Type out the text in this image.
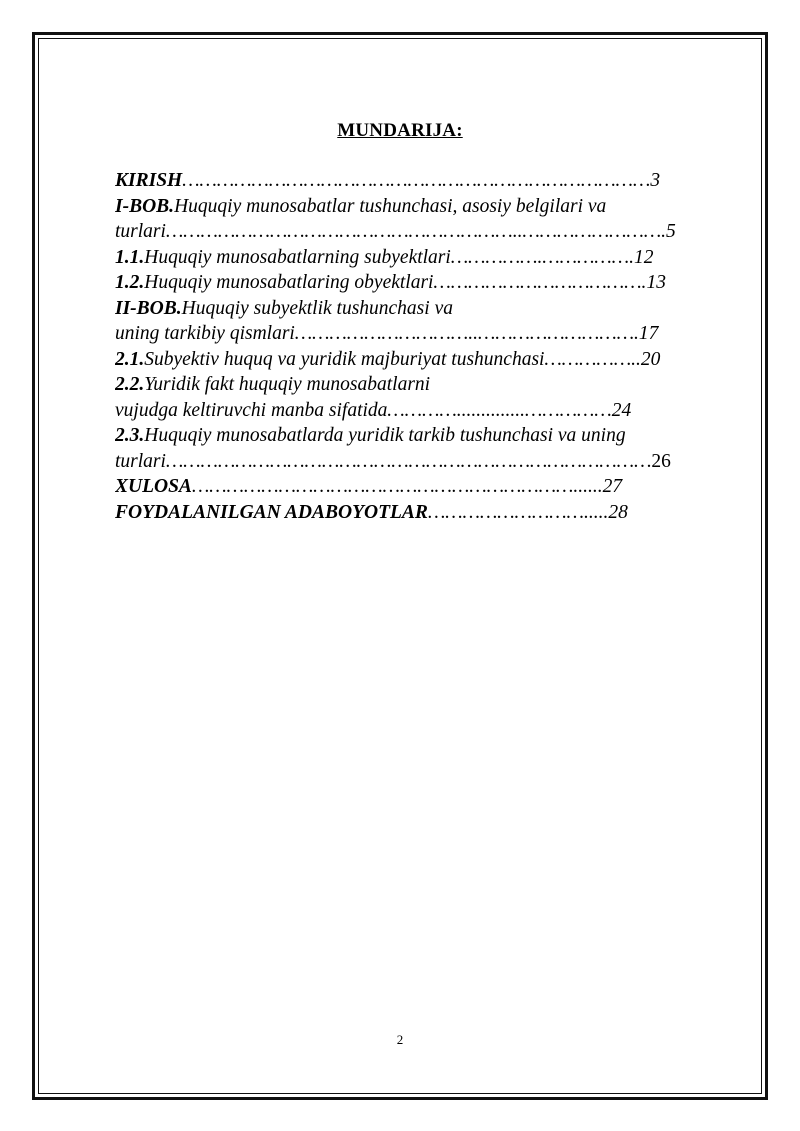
MUNDARIJA:
KIRISH………………………………………………………………………3
I-BOB.Huquqiy munosabatlar tushunchasi, asosiy belgilari va
turlari……………………………………………………..…………………….5
1.1.Huquqiy munosabatlarning subyektlari…………….…………….12
1.2.Huquqiy munosabatlaring obyektlari……………………………….13
II-BOB.Huquqiy subyektlik tushunchasi va
uning tarkibiy qismlari…………………………..……………………….17
2.1.Subyektiv huquq va yuridik majburiyat tushunchasi……………..20
2.2.Yuridik fakt huquqiy munosabatlarni
vujudga keltiruvchi manba sifatida…………..............……………24
2.3.Huquqiy munosabatlarda yuridik tarkib tushunchasi va uning
turlari…………………………………………………………………………26
XULOSA…………………………………………………………......27
FOYDALANILGAN ADABOYOTLAR……………………….....28
2
